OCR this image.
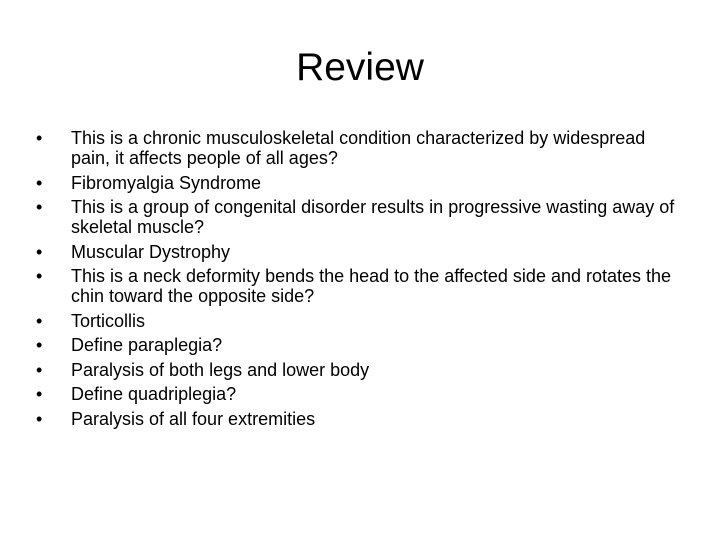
Review
•	This is a chronic musculoskeletal condition characterized by widespread pain, it affects people of all ages?
•	Fibromyalgia Syndrome
•	This is a group of congenital disorder results in progressive wasting away of skeletal muscle?
•	Muscular Dystrophy
•	This is a neck deformity bends the head to the affected side and rotates the chin toward the opposite side?
•	Torticollis
•	Define paraplegia?
•	Paralysis of both legs and lower body
•	Define quadriplegia?
•	Paralysis of all four extremities
